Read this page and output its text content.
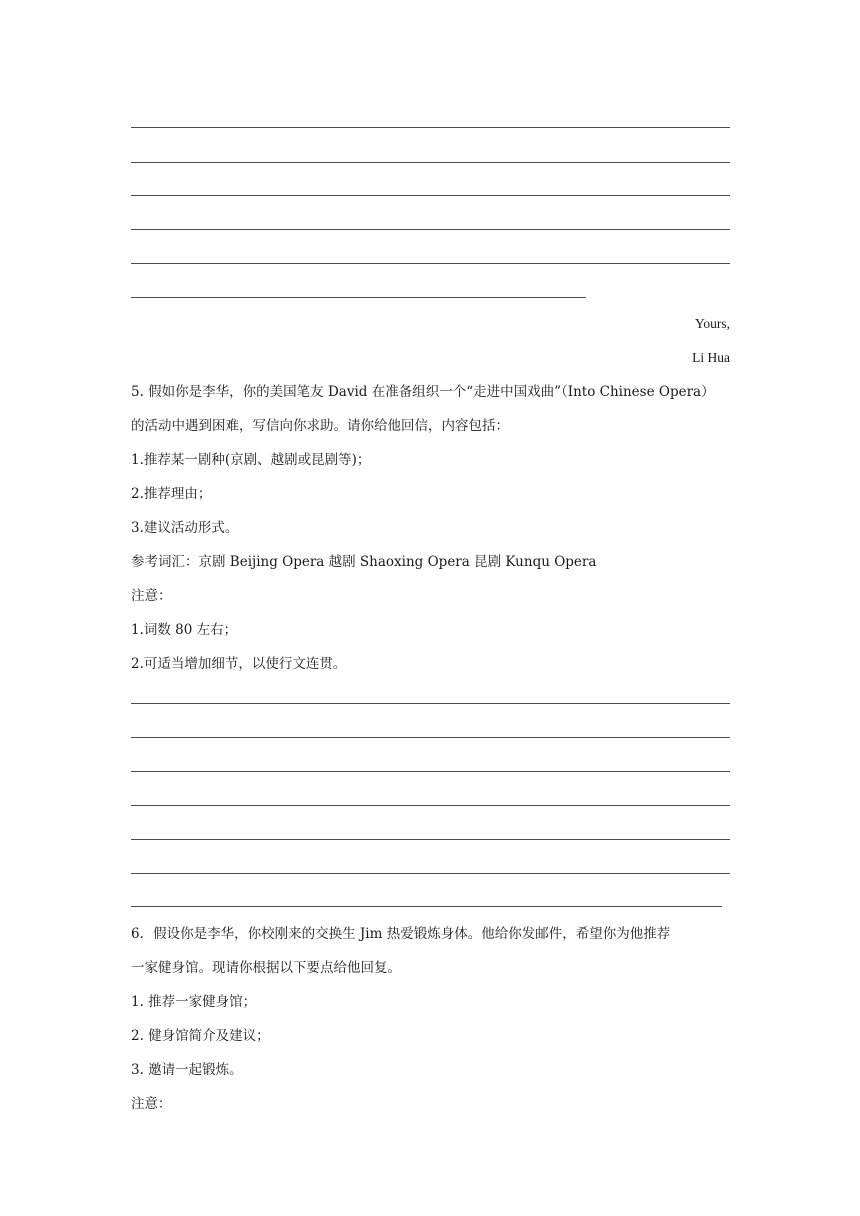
Yours,
Li Hua
5. 假如你是李华，你的美国笔友 David 在准备组织一个“走进中国戏曲”（Into Chinese Opera）
的活动中遇到困难，写信向你求助。请你给他回信，内容包括：
1.推荐某一剧种(京剧、越剧或昆剧等)；
2.推荐理由；
3.建议活动形式。
参考词汇：京剧 Beijing Opera 越剧 Shaoxing Opera 昆剧 Kunqu Opera
注意：
1.词数 80 左右；
2.可适当增加细节，以使行文连贯。
6．假设你是李华，你校刚来的交换生 Jim 热爱锻炼身体。他给你发邮件，希望你为他推荐
一家健身馆。现请你根据以下要点给他回复。
1. 推荐一家健身馆；
2. 健身馆简介及建议；
3. 邀请一起锻炼。
注意：
